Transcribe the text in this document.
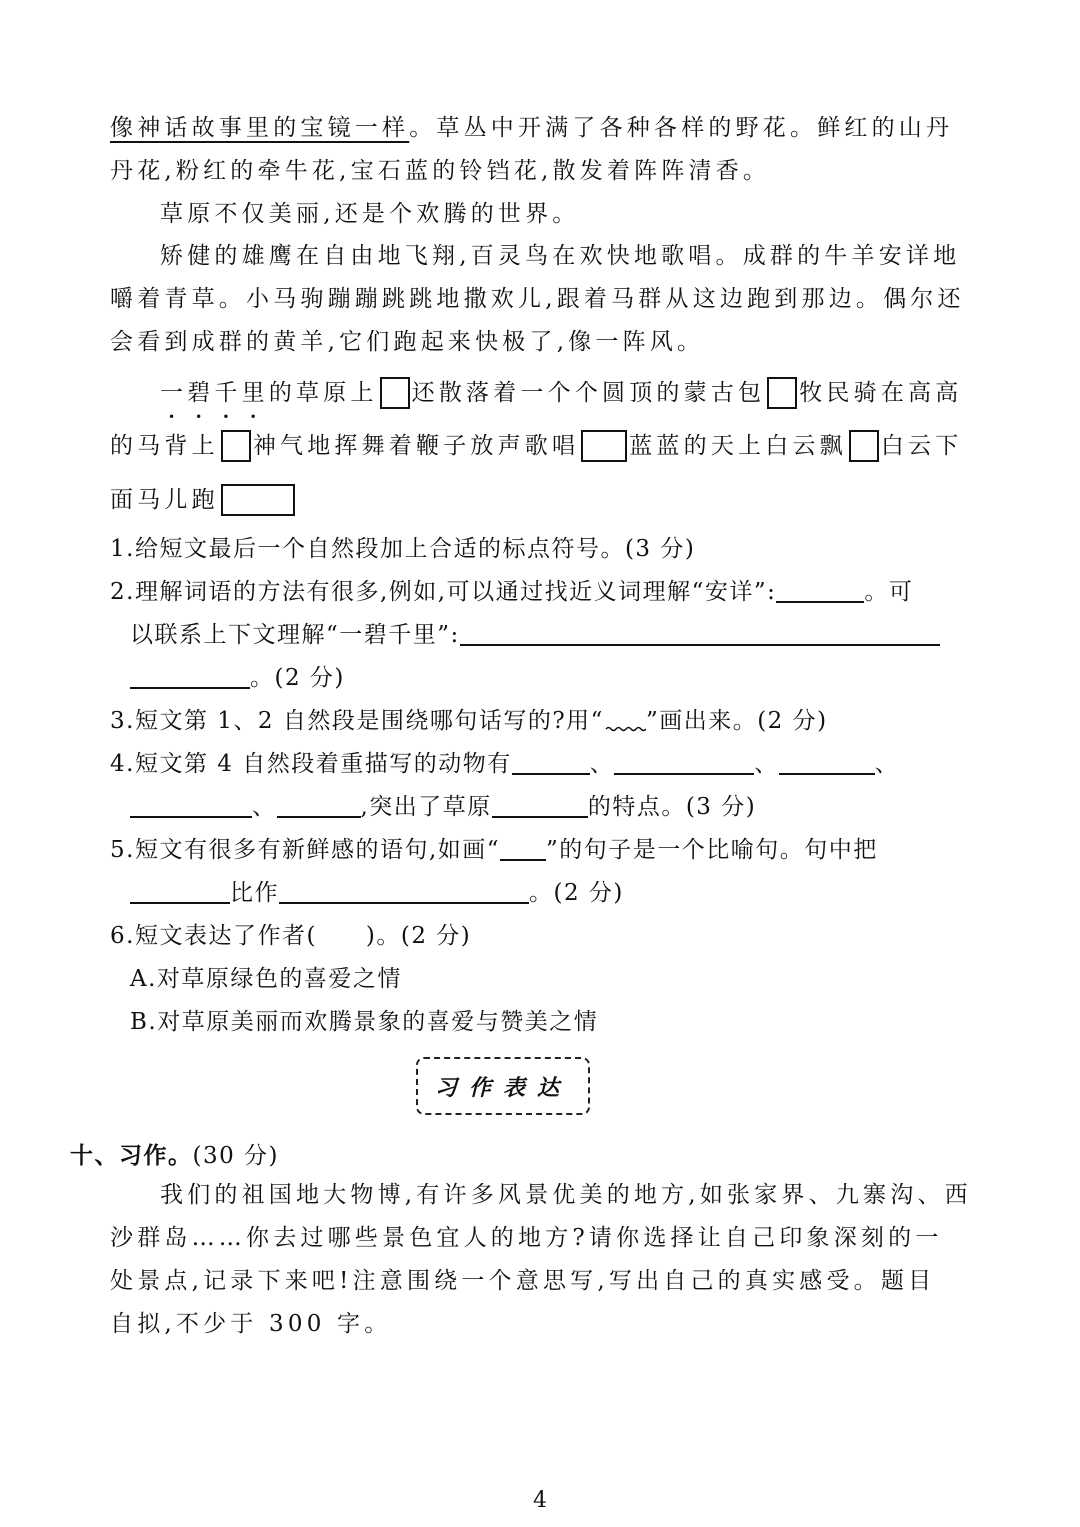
像神话故事里的宝镜一样。草丛中开满了各种各样的野花。鲜红的山丹
丹花,粉红的牵牛花,宝石蓝的铃铛花,散发着阵阵清香。
草原不仅美丽,还是个欢腾的世界。
矫健的雄鹰在自由地飞翔,百灵鸟在欢快地歌唱。成群的牛羊安详地
嚼着青草。小马驹蹦蹦跳跳地撒欢儿,跟着马群从这边跑到那边。偶尔还
会看到成群的黄羊,它们跑起来快极了,像一阵风。
一碧千里的草原上 还散落着一个个圆顶的蒙古包 牧民骑在高高
的马背上 神气地挥舞着鞭子放声歌唱 蓝蓝的天上白云飘 白云下
面马儿跑
1.给短文最后一个自然段加上合适的标点符号。(3 分)
2.理解词语的方法有很多,例如,可以通过找近义词理解“安详”:	。可
以联系上下文理解“一碧千里”:
。(2 分)
3.短文第 1、2 自然段是围绕哪句话写的?用“ ”画出来。(2 分)
4.短文第 4 自然段着重描写的动物有	、	、	、
、	,突出了草原	的特点。(3 分)
5.短文有很多有新鲜感的语句,如画“ ”的句子是一个比喻句。句中把
比作	。(2 分)
6.短文表达了作者(　　)。(2 分)
A.对草原绿色的喜爱之情
B.对草原美丽而欢腾景象的喜爱与赞美之情
习作表达
十、习作。(30 分)
我们的祖国地大物博,有许多风景优美的地方,如张家界、九寨沟、西
沙群岛……你去过哪些景色宜人的地方?请你选择让自己印象深刻的一
处景点,记录下来吧!注意围绕一个意思写,写出自己的真实感受。题目
自拟,不少于 300 字。
4
